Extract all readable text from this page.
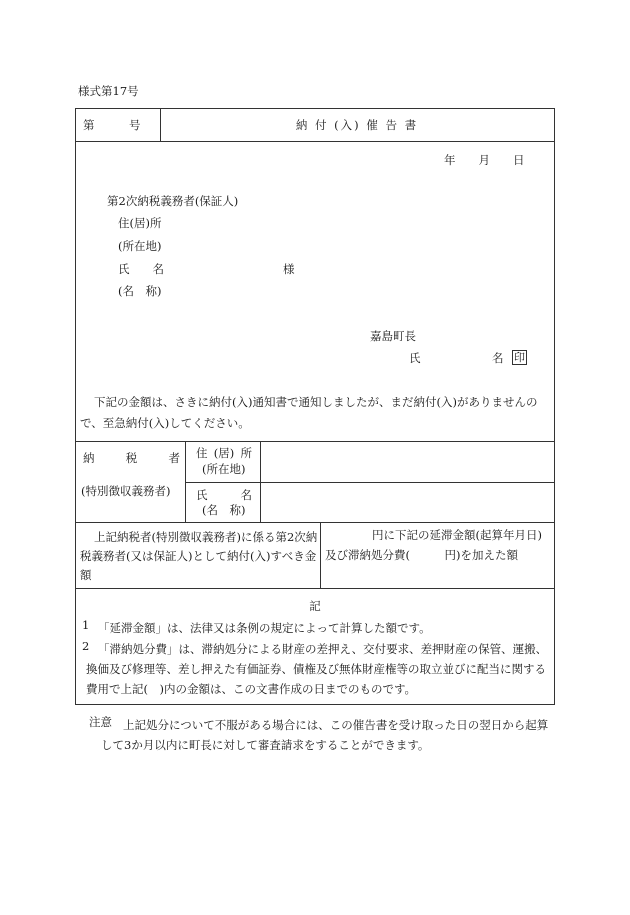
様式第17号
第　　　号	納 付 (入) 催 告 書
年　　月　　日
第2次納税義務者(保証人)
住(居)所
(所在地)
氏　　名
(名　称)
様
嘉島町長
氏	名 印
下記の金額は、さきに納付(入)通知書で通知しましたが、まだ納付(入)がありませんので、至急納付(入)してください。
納	税	者
(特別徴収義務者)
住 (居) 所
(所在地)
氏	名
(名　称)
上記納税者(特別徴収義務者)に係る第2次納税義務者(又は保証人)として納付(入)すべき金額
円に下記の延滞金額(起算年月日)
及び滞納処分費(　　　円)を加えた額
記
1 「延滞金額」は、法律又は条例の規定によって計算した額です。
2 「滞納処分費」は、滞納処分による財産の差押え、交付要求、差押財産の保管、運搬、換価及び修理等、差し押えた有価証券、債権及び無体財産権等の取立並びに配当に関する費用で上記(　)内の金額は、この文書作成の日までのものです。
注意 上記処分について不服がある場合には、この催告書を受け取った日の翌日から起算して3か月以内に町長に対して審査請求をすることができます。
